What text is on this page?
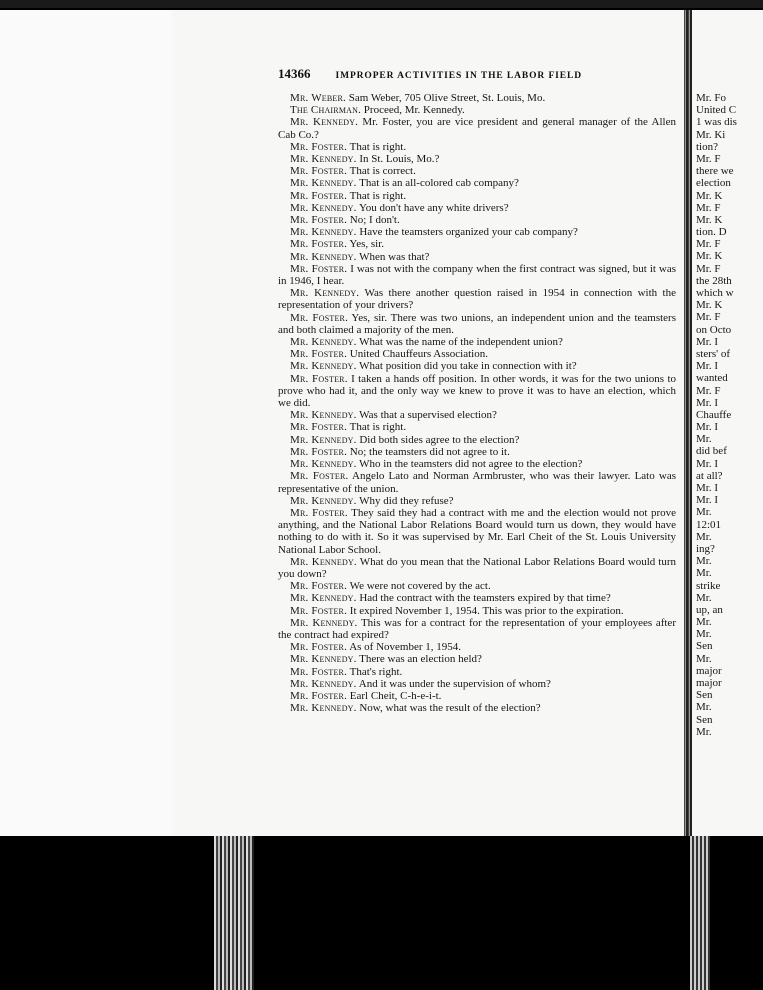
Mr. Fo
United C
1 was dis
Mr. Ki
tion?
Mr. F
there we
election
Mr. K
Mr. F
Mr. K
tion. D
Mr. F
Mr. K
Mr. F
the 28th
which w
Mr. K
Mr. F
on Octo
Mr. I
sters' of
Mr. I
wanted
Mr. F
Mr. I
Chauffe
Mr. I
Mr.
did bef
Mr. I
at all?
Mr. I
Mr. I
Mr.
12:01
Mr.
ing?
Mr.
Mr.
strike
Mr.
up, an
Mr.
Mr.
Sen
Mr.
major
major
Sen
Mr.
Sen
Mr.
14366	IMPROPER ACTIVITIES IN THE LABOR FIELD

Mr. Weber. Sam Weber, 705 Olive Street, St. Louis, Mo.

The Chairman. Proceed, Mr. Kennedy.

Mr. Kennedy. Mr. Foster, you are vice president and general manager of the Allen Cab Co.?

Mr. Foster. That is right.

Mr. Kennedy. In St. Louis, Mo.?

Mr. Foster. That is correct.

Mr. Kennedy. That is an all-colored cab company?

Mr. Foster. That is right.

Mr. Kennedy. You don't have any white drivers?

Mr. Foster. No; I don't.

Mr. Kennedy. Have the teamsters organized your cab company?

Mr. Foster. Yes, sir.

Mr. Kennedy. When was that?

Mr. Foster. I was not with the company when the first contract was signed, but it was in 1946, I hear.

Mr. Kennedy. Was there another question raised in 1954 in connection with the representation of your drivers?

Mr. Foster. Yes, sir. There was two unions, an independent union and the teamsters and both claimed a majority of the men.

Mr. Kennedy. What was the name of the independent union?

Mr. Foster. United Chauffeurs Association.

Mr. Kennedy. What position did you take in connection with it?

Mr. Foster. I taken a hands off position. In other words, it was for the two unions to prove who had it, and the only way we knew to prove it was to have an election, which we did.

Mr. Kennedy. Was that a supervised election?

Mr. Foster. That is right.

Mr. Kennedy. Did both sides agree to the election?

Mr. Foster. No; the teamsters did not agree to it.

Mr. Kennedy. Who in the teamsters did not agree to the election?

Mr. Foster. Angelo Lato and Norman Armbruster, who was their lawyer. Lato was representative of the union.

Mr. Kennedy. Why did they refuse?

Mr. Foster. They said they had a contract with me and the election would not prove anything, and the National Labor Relations Board would turn us down, they would have nothing to do with it. So it was supervised by Mr. Earl Cheit of the St. Louis University National Labor School.

Mr. Kennedy. What do you mean that the National Labor Relations Board would turn you down?

Mr. Foster. We were not covered by the act.

Mr. Kennedy. Had the contract with the teamsters expired by that time?

Mr. Foster. It expired November 1, 1954. This was prior to the expiration.

Mr. Kennedy. This was for a contract for the representation of your employees after the contract had expired?

Mr. Foster. As of November 1, 1954.

Mr. Kennedy. There was an election held?

Mr. Foster. That's right.

Mr. Kennedy. And it was under the supervision of whom?

Mr. Foster. Earl Cheit, C-h-e-i-t.

Mr. Kennedy. Now, what was the result of the election?
